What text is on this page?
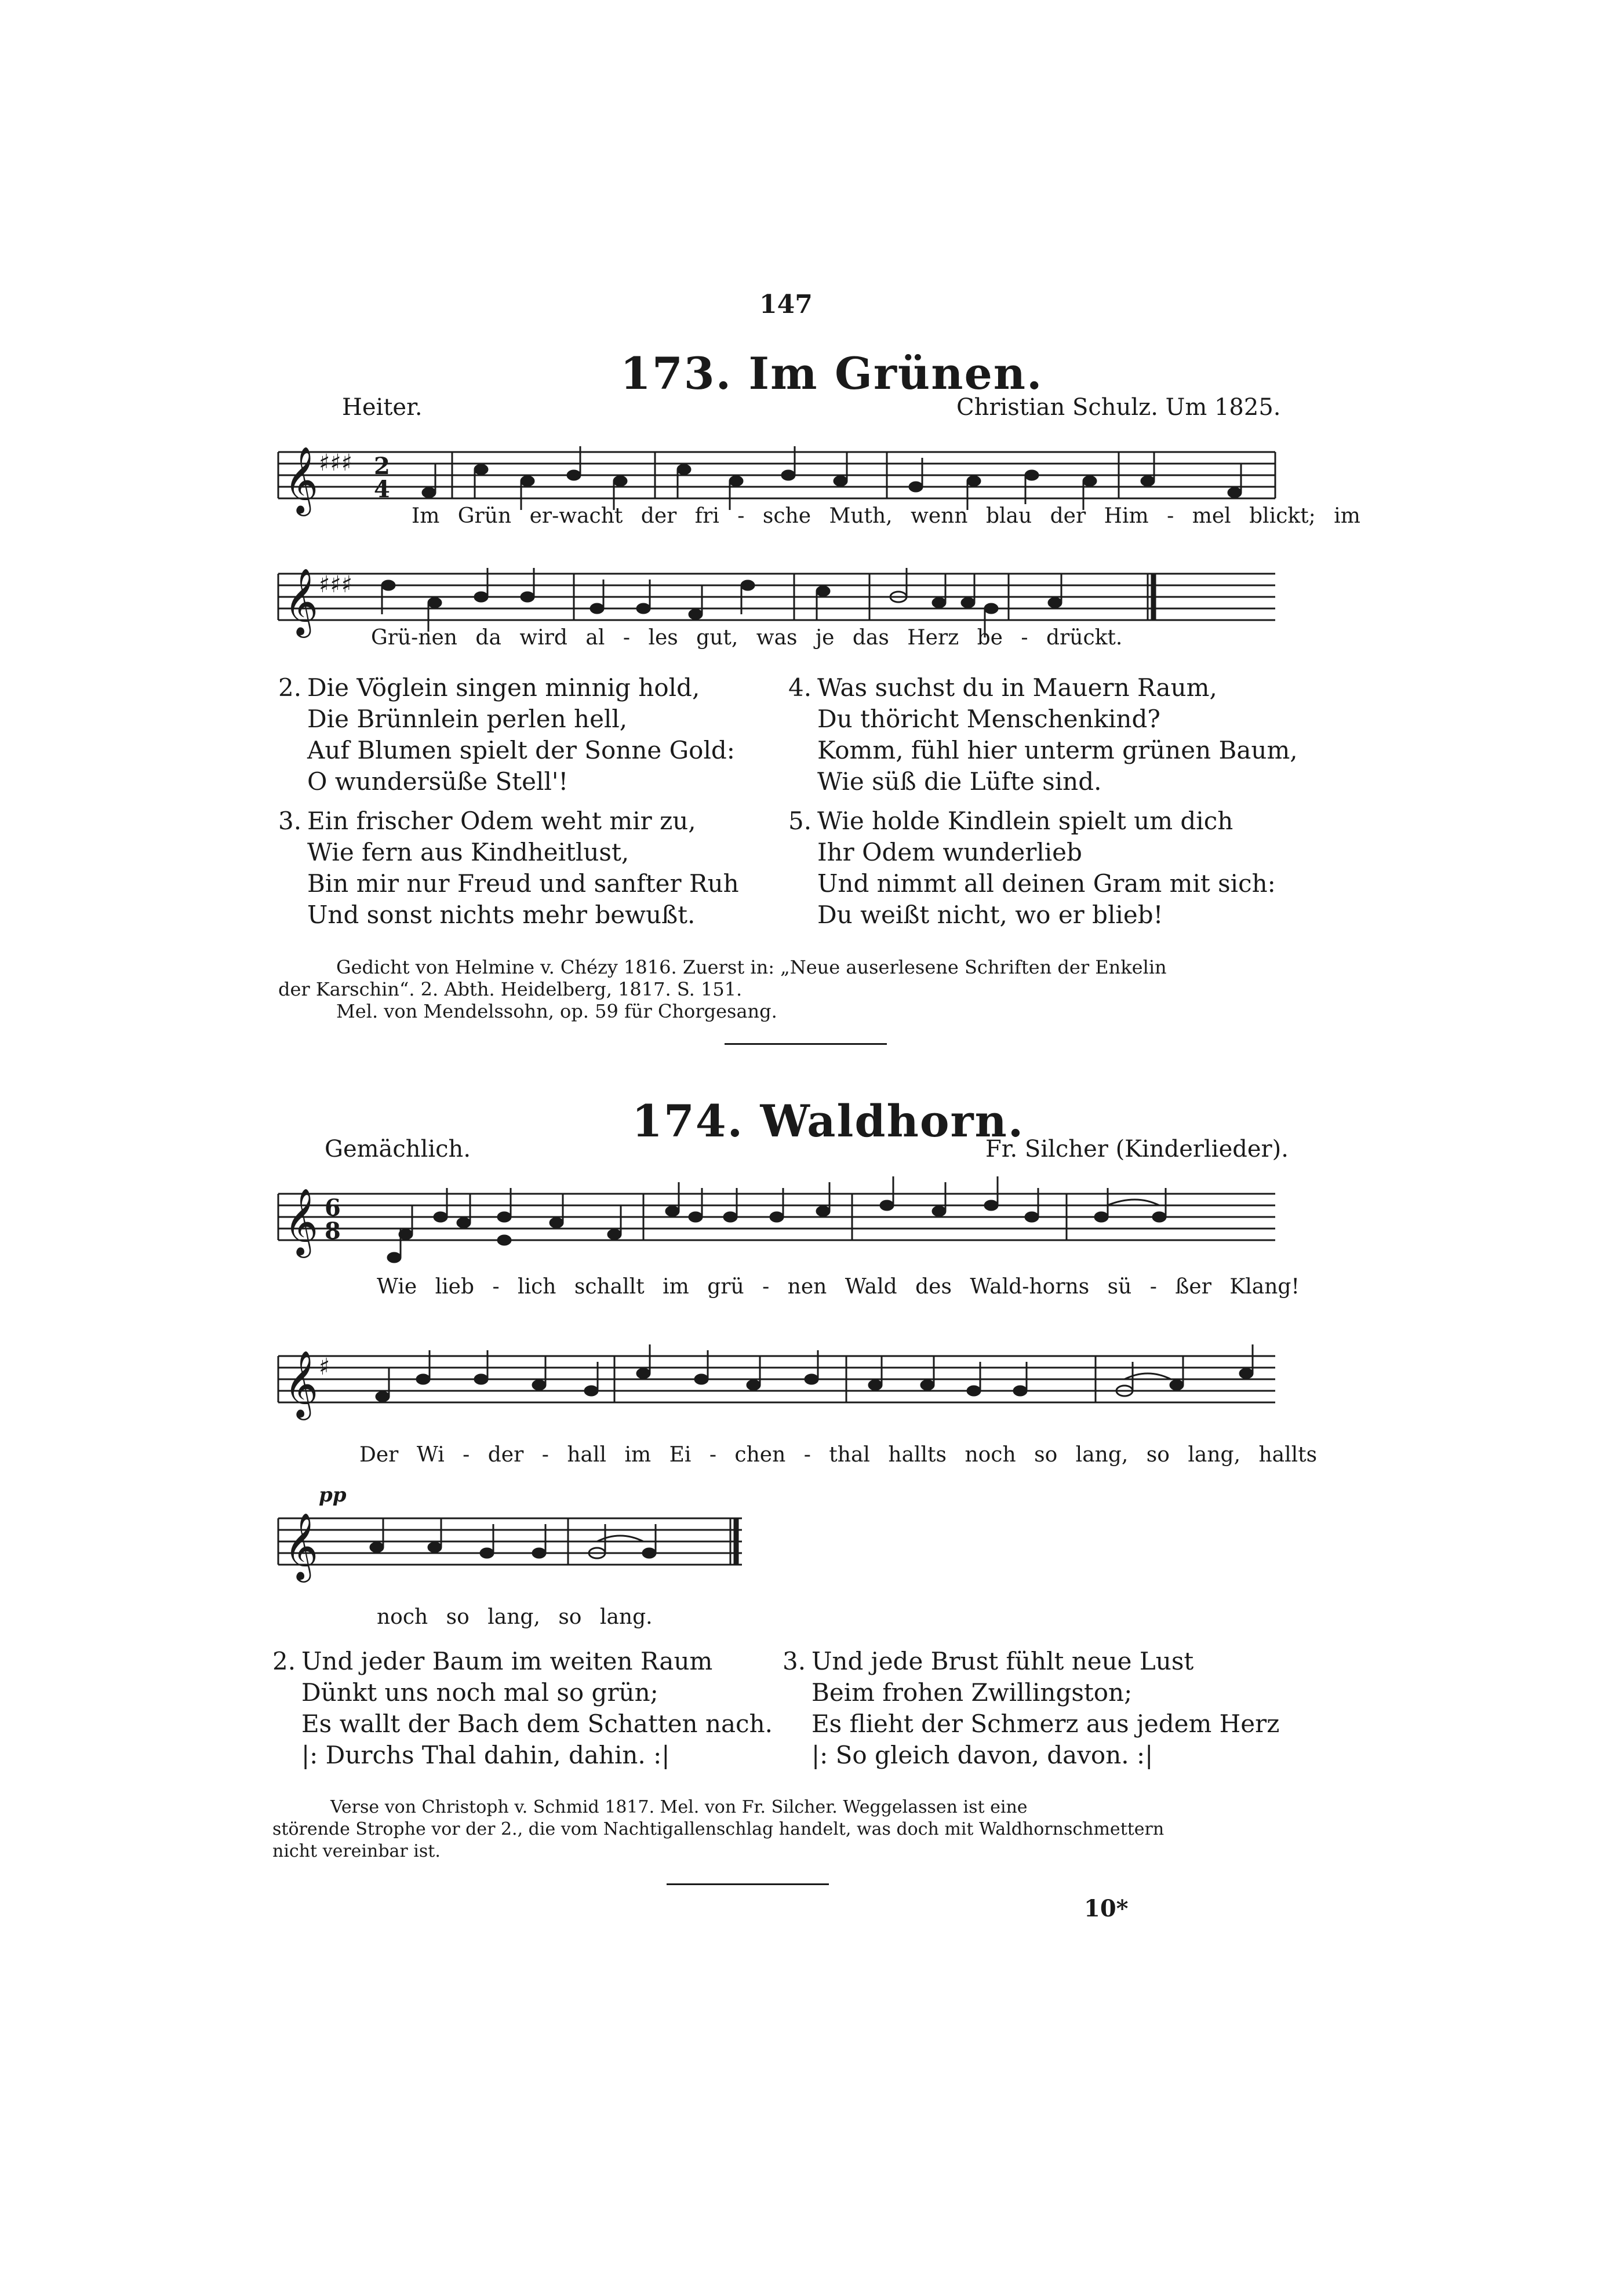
147
173. Im Grünen.
Heiter.	Christian Schulz. Um 1825.
𝄞 ♯♯♯ 2
4
Im Grün er-wacht der fri - sche Muth, wenn blau der Him - mel blickt; im
𝄞 ♯♯♯
Grü-nen da wird al - les gut, was je das Herz be - drückt.
2. Die Vöglein singen minnig hold,
Die Brünnlein perlen hell,
Auf Blumen spielt der Sonne Gold:
O wundersüße Stell'!
3. Ein frischer Odem weht mir zu,
Wie fern aus Kindheitlust,
Bin mir nur Freud und sanfter Ruh
Und sonst nichts mehr bewußt.
4. Was suchst du in Mauern Raum,
Du thöricht Menschenkind?
Komm, fühl hier unterm grünen Baum,
Wie süß die Lüfte sind.
5. Wie holde Kindlein spielt um dich
Ihr Odem wunderlieb
Und nimmt all deinen Gram mit sich:
Du weißt nicht, wo er blieb!
Gedicht von Helmine v. Chézy 1816. Zuerst in: „Neue auserlesene Schriften der Enkelin
der Karschin“. 2. Abth. Heidelberg, 1817. S. 151.
Mel. von Mendelssohn, op. 59 für Chorgesang.
174. Waldhorn.
Gemächlich.	Fr. Silcher (Kinderlieder).
𝄞 6
8
Wie lieb - lich schallt im grü - nen Wald des Wald-horns sü - ßer Klang!
𝄞 ♯
Der Wi - der - hall im Ei - chen - thal hallts noch so lang, so lang, hallts
pp
𝄞
noch so lang, so lang.
2. Und jeder Baum im weiten Raum
Dünkt uns noch mal so grün;
Es wallt der Bach dem Schatten nach.
|: Durchs Thal dahin, dahin. :|
3. Und jede Brust fühlt neue Lust
Beim frohen Zwillingston;
Es flieht der Schmerz aus jedem Herz
|: So gleich davon, davon. :|
Verse von Christoph v. Schmid 1817. Mel. von Fr. Silcher. Weggelassen ist eine
störende Strophe vor der 2., die vom Nachtigallenschlag handelt, was doch mit Waldhornschmettern
nicht vereinbar ist.
10*
